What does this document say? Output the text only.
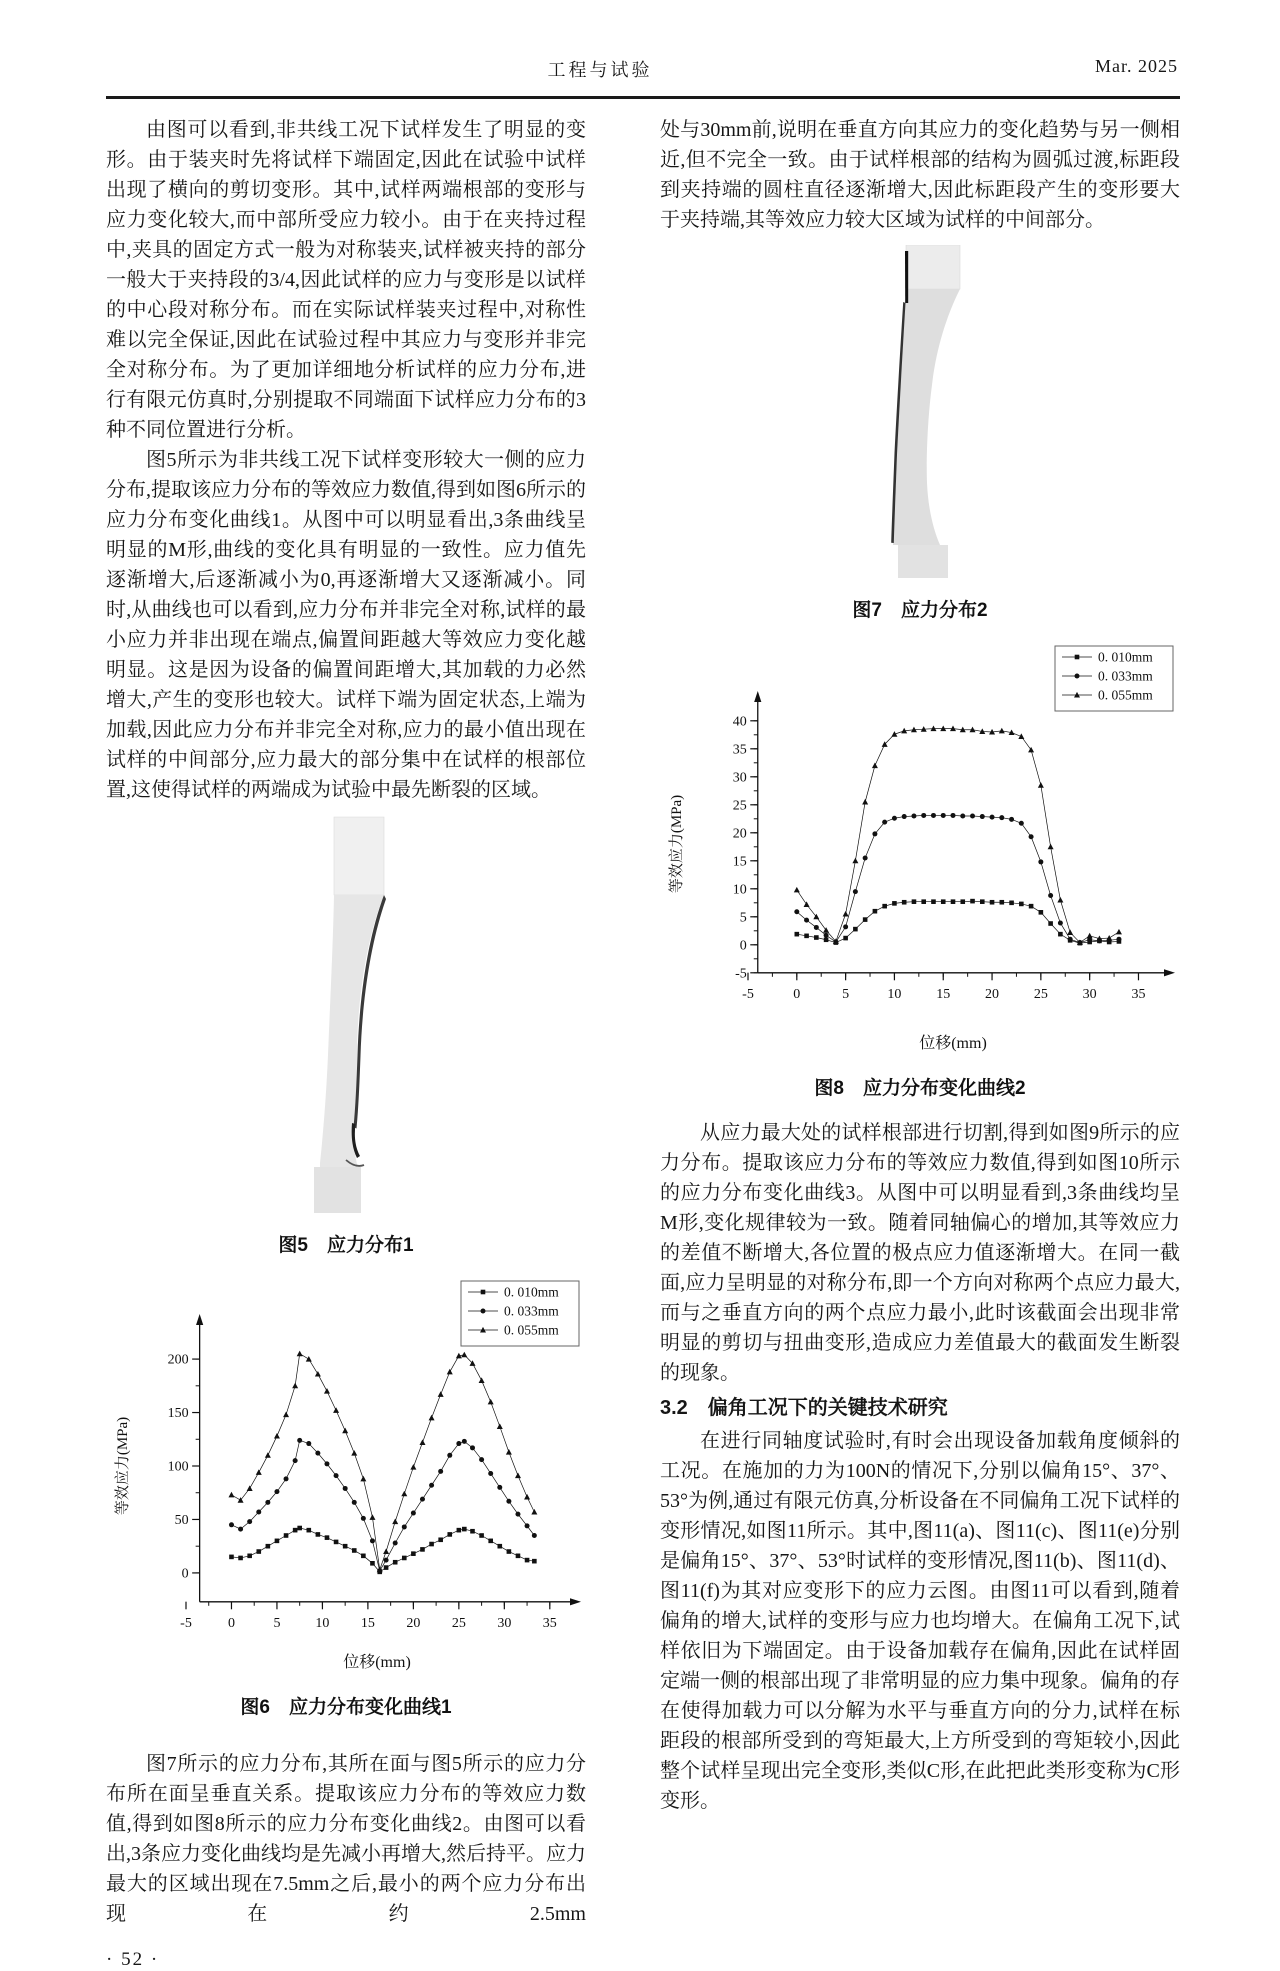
工程与试验	Mar. 2025

由图可以看到,非共线工况下试样发生了明显的变形。由于装夹时先将试样下端固定,因此在试验中试样出现了横向的剪切变形。其中,试样两端根部的变形与应力变化较大,而中部所受应力较小。由于在夹持过程中,夹具的固定方式一般为对称装夹,试样被夹持的部分一般大于夹持段的3/4,因此试样的应力与变形是以试样的中心段对称分布。而在实际试样装夹过程中,对称性难以完全保证,因此在试验过程中其应力与变形并非完全对称分布。为了更加详细地分析试样的应力分布,进行有限元仿真时,分别提取不同端面下试样应力分布的3种不同位置进行分析。

图5所示为非共线工况下试样变形较大一侧的应力分布,提取该应力分布的等效应力数值,得到如图6所示的应力分布变化曲线1。从图中可以明显看出,3条曲线呈明显的M形,曲线的变化具有明显的一致性。应力值先逐渐增大,后逐渐减小为0,再逐渐增大又逐渐减小。同时,从曲线也可以看到,应力分布并非完全对称,试样的最小应力并非出现在端点,偏置间距越大等效应力变化越明显。这是因为设备的偏置间距增大,其加载的力必然增大,产生的变形也较大。试样下端为固定状态,上端为加载,因此应力分布并非完全对称,应力的最小值出现在试样的中间部分,应力最大的部分集中在试样的根部位置,这使得试样的两端成为试验中最先断裂的区域。

图5　应力分布1
0
50
100
150
200
-5	0	5 10 15 20 25 30 35
等效应力(MPa)
位移(mm)
0. 010mm
0. 033mm
0. 055mm
图6　应力分布变化曲线1

图7所示的应力分布,其所在面与图5所示的应力分布所在面呈垂直关系。提取该应力分布的等效应力数值,得到如图8所示的应力分布变化曲线2。由图可以看出,3条应力变化曲线均是先减小再增大,然后持平。应力最大的区域出现在7.5mm之后,最小的两个应力分布出现在约2.5mm

· 52 ·

处与30mm前,说明在垂直方向其应力的变化趋势与另一侧相近,但不完全一致。由于试样根部的结构为圆弧过渡,标距段到夹持端的圆柱直径逐渐增大,因此标距段产生的变形要大于夹持端,其等效应力较大区域为试样的中间部分。

图7　应力分布2
-5
0
5
10
15
20
25
30
35
40
-5	0	5	10 15 20 25 30 35
等效应力(MPa)
位移(mm)
0. 010mm
0. 033mm
0. 055mm
图8　应力分布变化曲线2

从应力最大处的试样根部进行切割,得到如图9所示的应力分布。提取该应力分布的等效应力数值,得到如图10所示的应力分布变化曲线3。从图中可以明显看到,3条曲线均呈M形,变化规律较为一致。随着同轴偏心的增加,其等效应力的差值不断增大,各位置的极点应力值逐渐增大。在同一截面,应力呈明显的对称分布,即一个方向对称两个点应力最大,而与之垂直方向的两个点应力最小,此时该截面会出现非常明显的剪切与扭曲变形,造成应力差值最大的截面发生断裂的现象。

3.2　偏角工况下的关键技术研究

在进行同轴度试验时,有时会出现设备加载角度倾斜的工况。在施加的力为100N的情况下,分别以偏角15°、37°、53°为例,通过有限元仿真,分析设备在不同偏角工况下试样的变形情况,如图11所示。其中,图11(a)、图11(c)、图11(e)分别是偏角15°、37°、53°时试样的变形情况,图11(b)、图11(d)、图11(f)为其对应变形下的应力云图。由图11可以看到,随着偏角的增大,试样的变形与应力也均增大。在偏角工况下,试样依旧为下端固定。由于设备加载存在偏角,因此在试样固定端一侧的根部出现了非常明显的应力集中现象。偏角的存在使得加载力可以分解为水平与垂直方向的分力,试样在标距段的根部所受到的弯矩最大,上方所受到的弯矩较小,因此整个试样呈现出完全变形,类似C形,在此把此类形变称为C形变形。
